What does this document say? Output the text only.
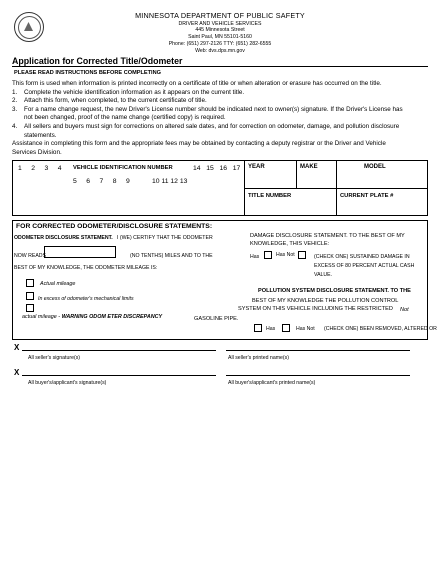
MINNESOTA DEPARTMENT OF PUBLIC SAFETY
DRIVER AND VEHICLE SERVICES
445 Minnesota Street
Saint Paul, MN 55101-5160
Phone: (651) 297-2126 TTY: (651) 282-6555
Web: dvs.dps.mn.gov
Application for Corrected Title/Odometer
PLEASE READ INSTRUCTIONS BEFORE COMPLETING
This form is used when information is printed incorrectly on a certificate of title or when alteration or erasure has occurred on the title.
1. Complete the vehicle identification information as it appears on the current title.
2. Attach this form, when completed, to the current certificate of title.
3. For a name change request, the new Driver's License number should be indicated next to owner(s) signature. If the Driver's License has
not been changed, proof of the name change (certified copy) is required.
4. All sellers and buyers must sign for corrections on altered sale dates, and for correction on odometer, damage, and pollution disclosure
statements.
Assistance in completing this form and the appropriate fees may be obtained by contacting a deputy registrar or the Driver and Vehicle
Services Division.
1 2 3 4 VEHICLE IDENTIFICATION NUMBER	14 15 16 17
5 6 7 8 9	10 11 12 13
YEAR	MAKE	MODEL
TITLE NUMBER	CURRENT PLATE #
FOR CORRECTED ODOMETER/DISCLOSURE STATEMENTS:
ODOMETER DISCLOSURE STATEMENT. I (WE) CERTIFY THAT THE ODOMETER
NOW READS	(NO TENTHS) MILES AND TO THE
BEST OF MY KNOWLEDGE, THE ODOMETER MILEAGE IS:
Actual mileage
In excess of odometer's mechanical limits
actual mileage - WARNING ODOM ETER DISCREPANCY
DAMAGE DISCLOSURE STATEMENT. TO THE BEST OF MY
KNOWLEDGE, THIS VEHICLE:
Has	Has Not	(CHECK ONE) SUSTAINED DAMAGE IN
EXCESS OF 80 PERCENT ACTUAL CASH
VALUE.
POLLUTION SYSTEM DISCLOSURE STATEMENT. TO THE
BEST OF MY KNOWLEDGE THE POLLUTION CONTROL
SYSTEM ON THIS VEHICLE INCLUDING THE RESTRICTED Not
GASOLINE PIPE.
Has	Has Not (CHECK ONE) BEEN REMOVED, ALTERED OR
X
All seller's signature(s)	All seller's printed name(s)
X
All buyer's/applicant's signature(s)	All buyer's/applicant's printed name(s)
